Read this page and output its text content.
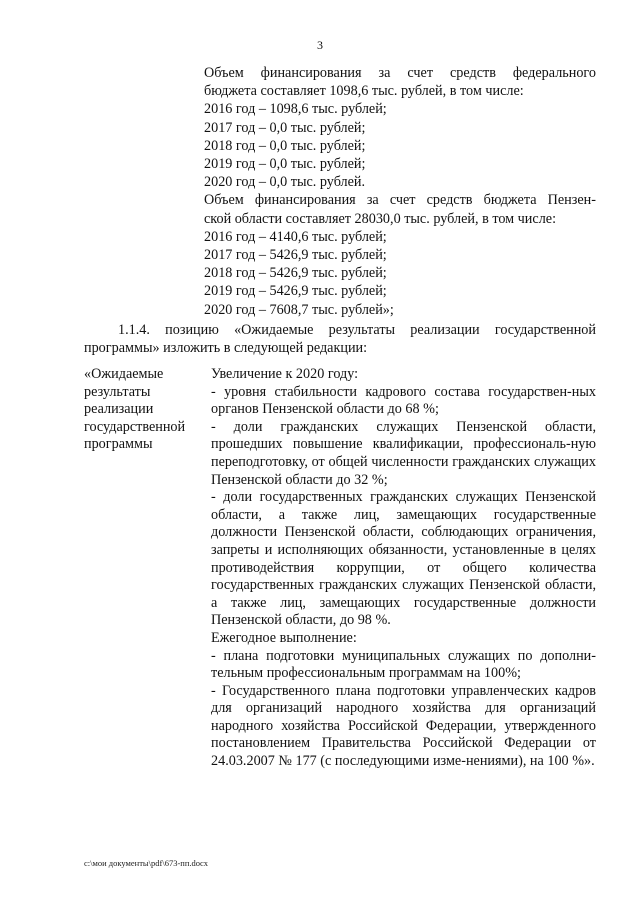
3

Объем финансирования за счет средств федерального

бюджета составляет 1098,6 тыс. рублей, в том числе:

2016 год – 1098,6 тыс. рублей;

2017 год – 0,0 тыс. рублей;

2018 год – 0,0 тыс. рублей;

2019 год – 0,0 тыс. рублей;

2020 год – 0,0 тыс. рублей.

Объем финансирования за счет средств бюджета Пензен-

ской области составляет 28030,0 тыс. рублей, в том числе:

2016 год – 4140,6 тыс. рублей;

2017 год – 5426,9 тыс. рублей;

2018 год – 5426,9 тыс. рублей;

2019 год – 5426,9 тыс. рублей;

2020 год – 7608,7 тыс. рублей»;

1.1.4. позицию «Ожидаемые результаты реализации государственной программы» изложить в следующей редакции:

«Ожидаемые
результаты
реализации
государственной
программы

Увеличение к 2020 году:

- уровня стабильности кадрового состава государствен-ных органов Пензенской области до 68 %;

- доли гражданских служащих Пензенской области, прошедших повышение квалификации, профессиональ-ную переподготовку, от общей численности гражданских служащих Пензенской области до 32 %;

- доли государственных гражданских служащих Пензенской области, а также лиц, замещающих государственные должности Пензенской области, соблюдающих ограничения, запреты и исполняющих обязанности, установленные в целях противодействия коррупции, от общего количества государственных гражданских служащих Пензенской области, а также лиц, замещающих государственные должности Пензенской области, до 98 %.

Ежегодное выполнение:

- плана подготовки муниципальных служащих по дополни-тельным профессиональным программам на 100%;

- Государственного плана подготовки управленческих кадров для организаций народного хозяйства для организаций народного хозяйства Российской Федерации, утвержденного постановлением Правительства Российской Федерации от 24.03.2007 № 177 (с последующими изме-нениями), на 100 %».

c:\мои документы\pdf\673-пп.docx
